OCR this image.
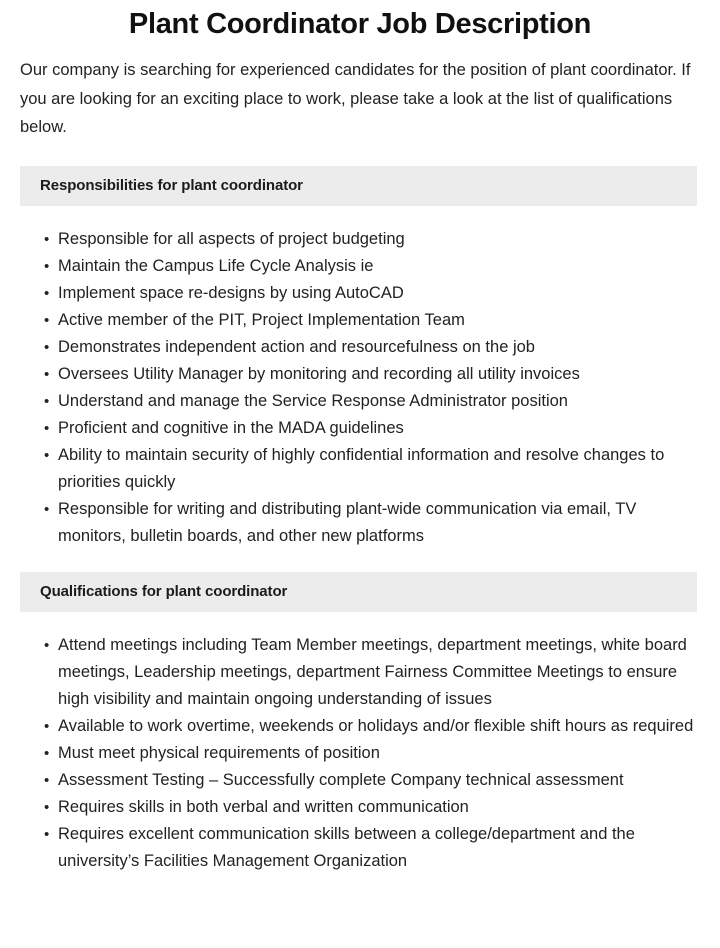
Plant Coordinator Job Description

Our company is searching for experienced candidates for the position of plant coordinator. If you are looking for an exciting place to work, please take a look at the list of qualifications below.

Responsibilities for plant coordinator
• Responsible for all aspects of project budgeting
• Maintain the Campus Life Cycle Analysis ie
• Implement space re-designs by using AutoCAD
• Active member of the PIT, Project Implementation Team
• Demonstrates independent action and resourcefulness on the job
• Oversees Utility Manager by monitoring and recording all utility invoices
• Understand and manage the Service Response Administrator position
• Proficient and cognitive in the MADA guidelines
• Ability to maintain security of highly confidential information and resolve changes to priorities quickly
• Responsible for writing and distributing plant-wide communication via email, TV monitors, bulletin boards, and other new platforms
Qualifications for plant coordinator
• Attend meetings including Team Member meetings, department meetings, white board meetings, Leadership meetings, department Fairness Committee Meetings to ensure high visibility and maintain ongoing understanding of issues
• Available to work overtime, weekends or holidays and/or flexible shift hours as required
• Must meet physical requirements of position
• Assessment Testing – Successfully complete Company technical assessment
• Requires skills in both verbal and written communication
• Requires excellent communication skills between a college/department and the university’s Facilities Management Organization
